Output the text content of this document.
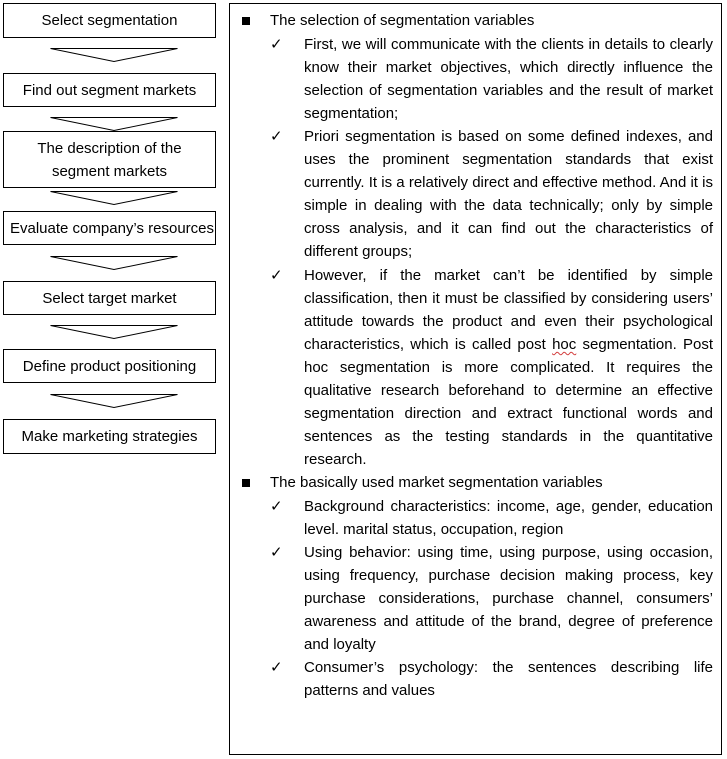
Select segmentation
Find out segment markets
The description of the segment markets
Evaluate company’s resources
Select target market
Define product positioning
Make marketing strategies
The selection of segmentation variables
✓ First, we will communicate with the clients in details to clearly know their market objectives, which directly influence the selection of segmentation variables and the result of market segmentation;
✓ Priori segmentation is based on some defined indexes, and uses the prominent segmentation standards that exist currently. It is a relatively direct and effective method. And it is simple in dealing with the data technically; only by simple cross analysis, and it can find out the characteristics of different groups;
✓ However, if the market can’t be identified by simple classification, then it must be classified by considering users’ attitude towards the product and even their psychological characteristics, which is called post hoc segmentation. Post hoc segmentation is more complicated. It requires the qualitative research beforehand to determine an effective segmentation direction and extract functional words and sentences as the testing standards in the quantitative research.
The basically used market segmentation variables
✓ Background characteristics: income, age, gender, education level. marital status, occupation, region
✓ Using behavior: using time, using purpose, using occasion, using frequency, purchase decision making process, key purchase considerations, purchase channel, consumers’ awareness and attitude of the brand, degree of preference and loyalty
✓ Consumer’s psychology: the sentences describing life patterns and values
